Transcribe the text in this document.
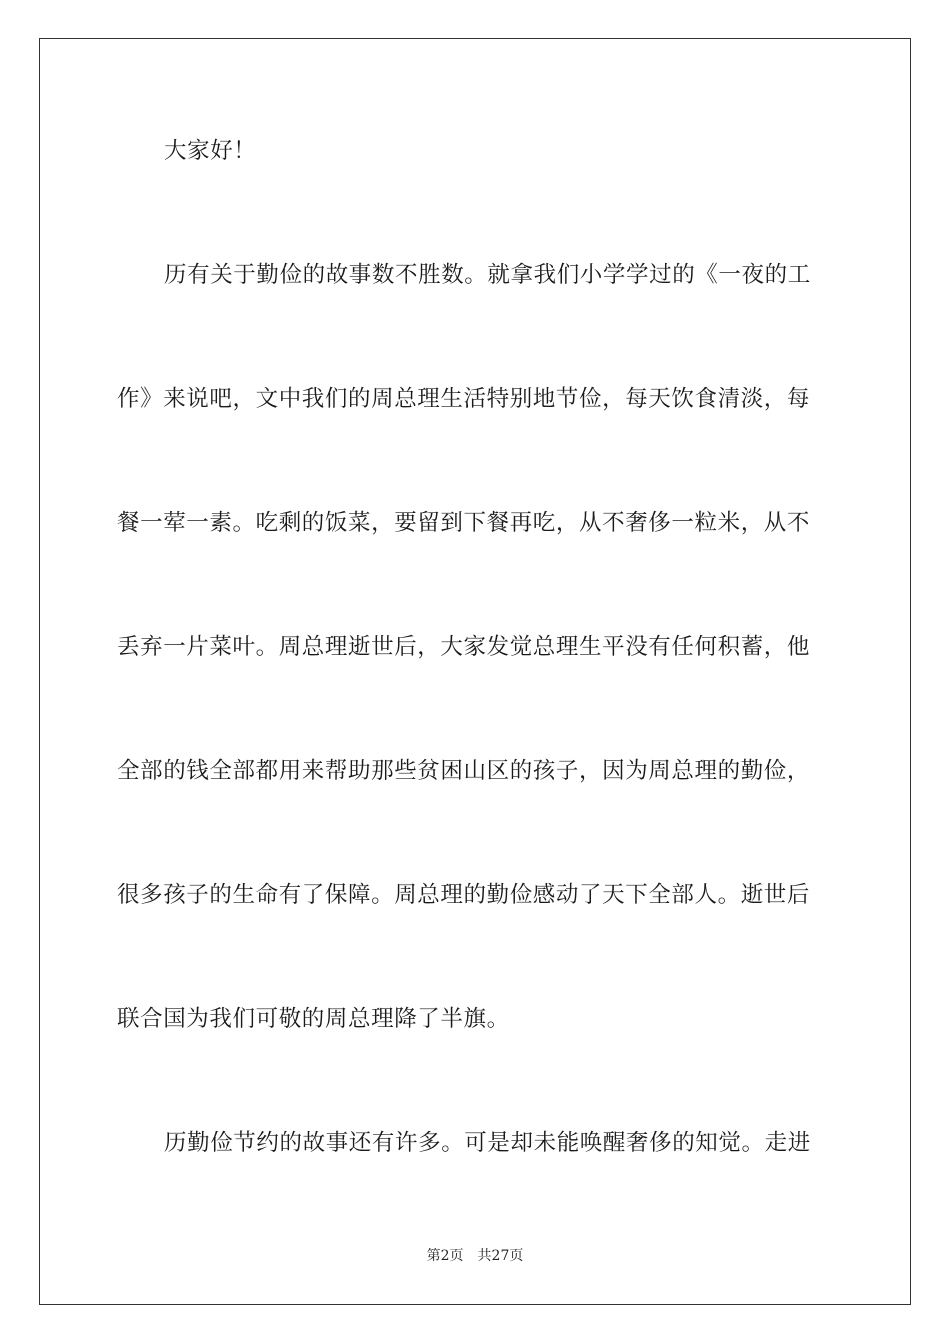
大家好！
历有关于勤俭的故事数不胜数。就拿我们小学学过的《一夜的工
作》来说吧，文中我们的周总理生活特别地节俭，每天饮食清淡，每
餐一荤一素。吃剩的饭菜，要留到下餐再吃，从不奢侈一粒米，从不
丢弃一片菜叶。周总理逝世后，大家发觉总理生平没有任何积蓄，他
全部的钱全部都用来帮助那些贫困山区的孩子，因为周总理的勤俭，
很多孩子的生命有了保障。周总理的勤俭感动了天下全部人。逝世后
联合国为我们可敬的周总理降了半旗。
历勤俭节约的故事还有许多。可是却未能唤醒奢侈的知觉。走进
第2页 共27页
